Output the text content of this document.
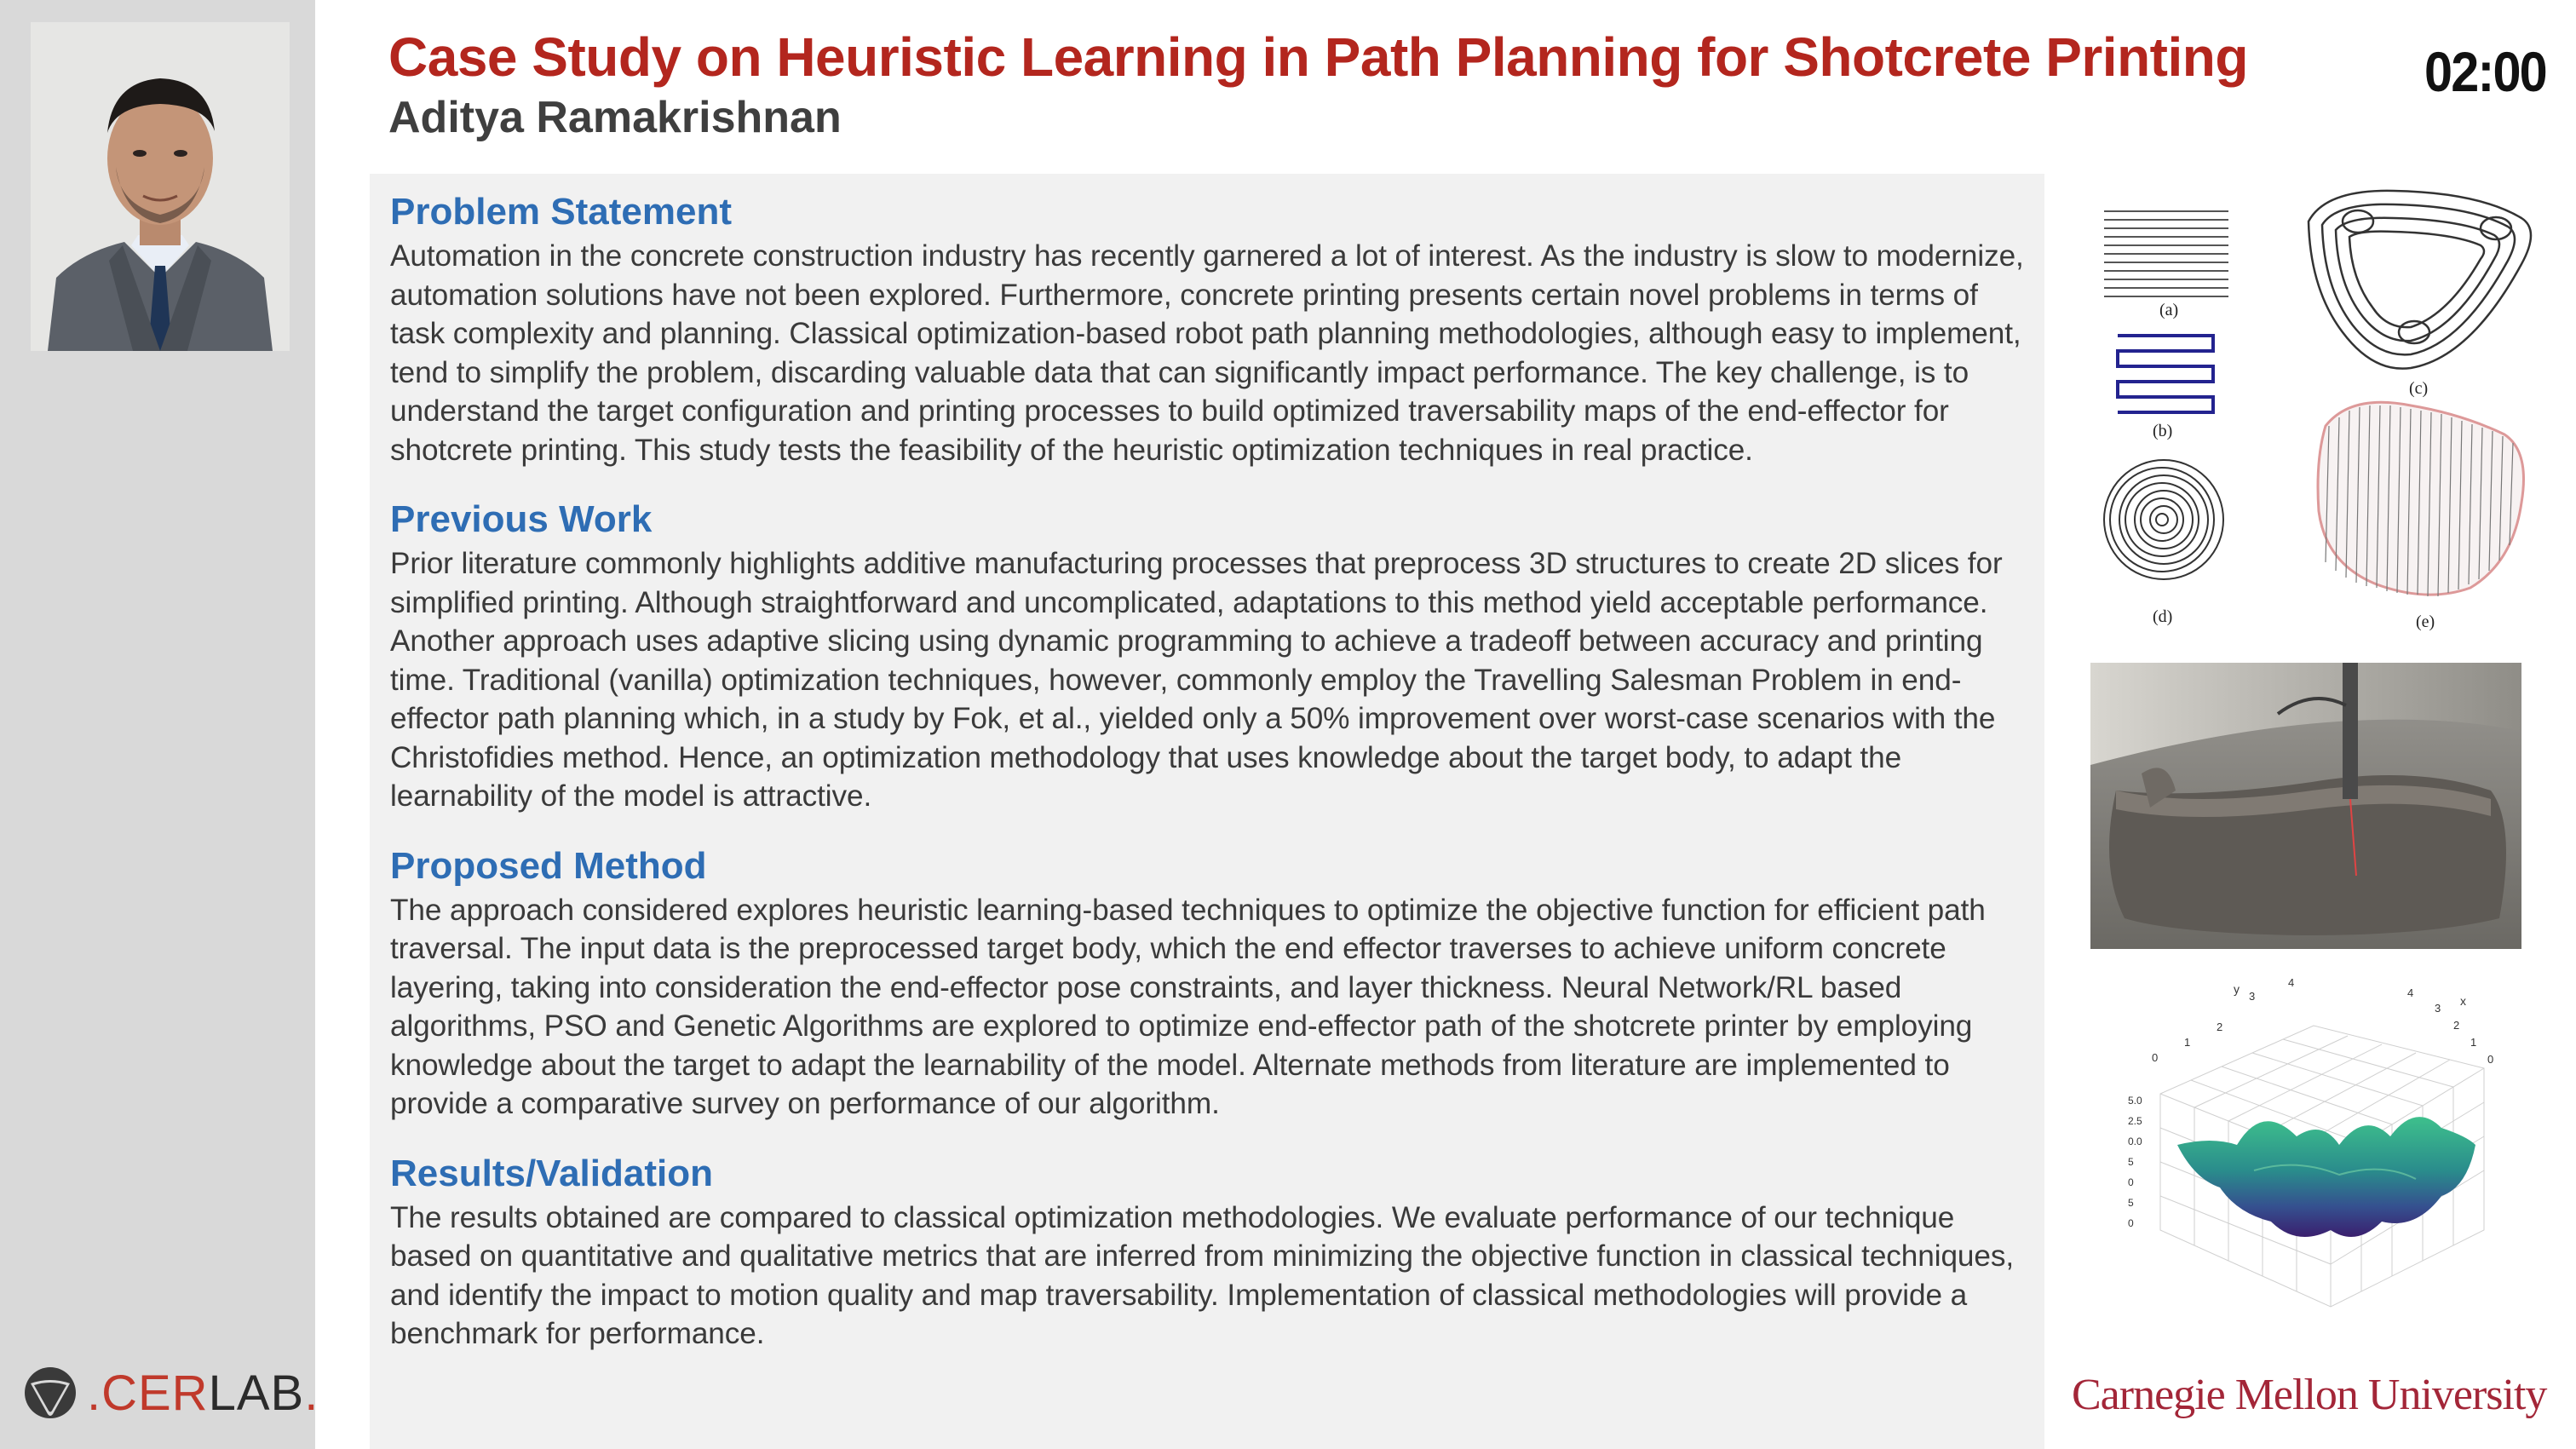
.CERLAB.
Case Study on Heuristic Learning in Path Planning for Shotcrete Printing
Aditya Ramakrishnan
02:00
Problem Statement
Automation in the concrete construction industry has recently garnered a lot of interest. As the industry is slow to modernize, automation solutions have not been explored. Furthermore, concrete printing presents certain novel problems in terms of task complexity and planning. Classical optimization-based robot path planning methodologies, although easy to implement, tend to simplify the problem, discarding valuable data that can significantly impact performance. The key challenge, is to understand the target configuration and printing processes to build optimized traversability maps of the end-effector for shotcrete printing. This study tests the feasibility of the heuristic optimization techniques in real practice.
Previous Work
Prior literature commonly highlights additive manufacturing processes that preprocess 3D structures to create 2D slices for simplified printing. Although straightforward and uncomplicated, adaptations to this method yield acceptable performance. Another approach uses adaptive slicing using dynamic programming to achieve a tradeoff between accuracy and printing time. Traditional (vanilla) optimization techniques, however, commonly employ the Travelling Salesman Problem in end-effector path planning which, in a study by Fok, et al., yielded only a 50% improvement over worst-case scenarios with the Christofidies method. Hence, an optimization methodology that uses knowledge about the target body, to adapt the learnability of the model is attractive.
Proposed Method
The approach considered explores heuristic learning-based techniques to optimize the objective function for efficient path traversal. The input data is the preprocessed target body, which the end effector traverses to achieve uniform concrete layering, taking into consideration the end-effector pose constraints, and layer thickness. Neural Network/RL based algorithms, PSO and Genetic Algorithms are explored to optimize end-effector path of the shotcrete printer by employing knowledge about the target to adapt the learnability of the model. Alternate methods from literature are implemented to provide a comparative survey on performance of our algorithm.
Results/Validation
The results obtained are compared to classical optimization methodologies. We evaluate performance of our technique based on quantitative and qualitative metrics that are inferred from minimizing the objective function in classical techniques, and identify the impact to motion quality and map traversability. Implementation of classical methodologies will provide a benchmark for performance.
(a)
(b)
(d)
(c)
(e)
y
x
0
1
2
3
4
4
3
2
1
0
5.0
2.5
0.0
5
0
5
0
Carnegie Mellon University
